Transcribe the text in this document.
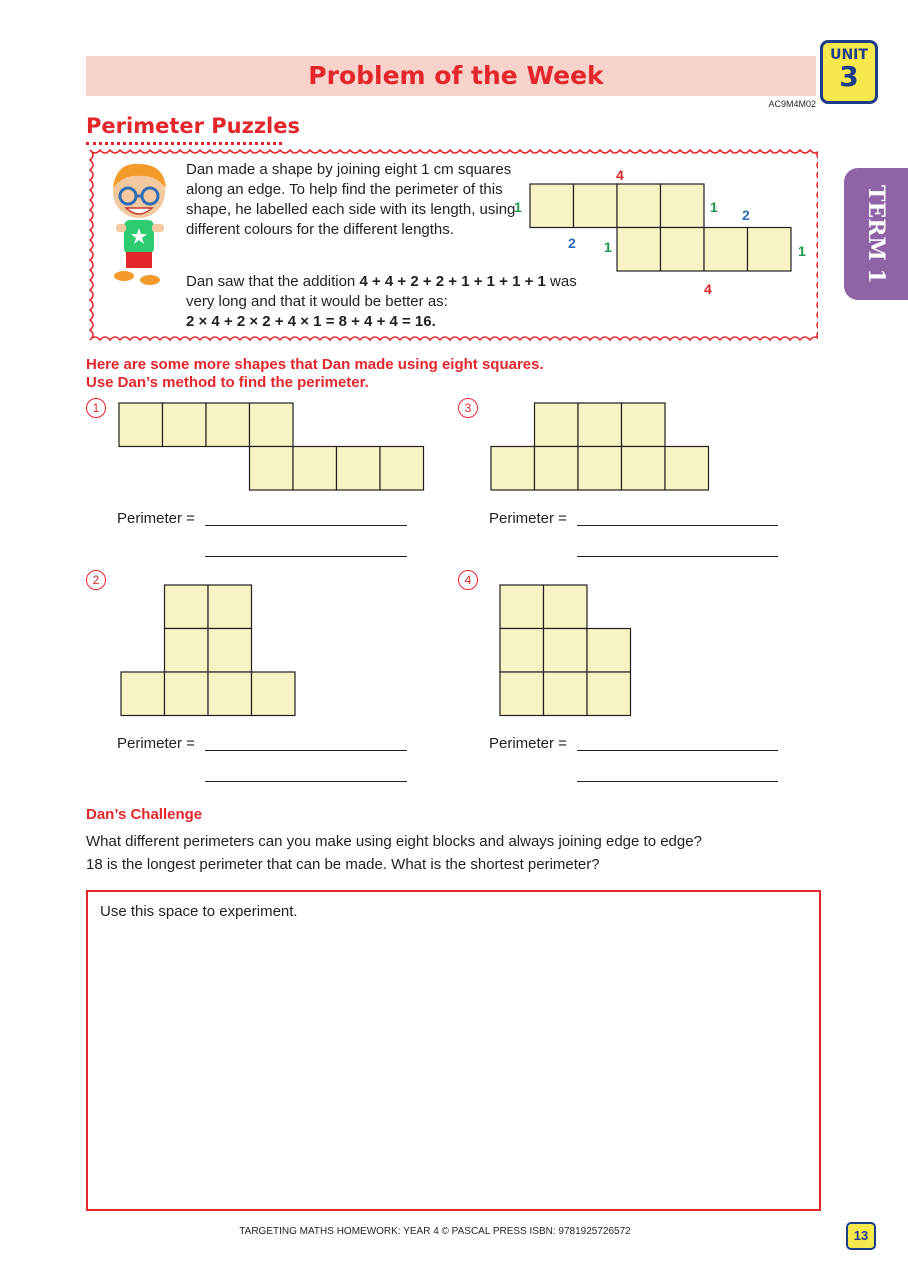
Problem of the Week
UNIT
3
AC9M4M02
TERM 1
Perimeter Puzzles
Dan made a shape by joining eight 1 cm squares along an edge. To help find the perimeter of this shape, he labelled each side with its length, using different colours for the different lengths.
Dan saw that the addition 4 + 4 + 2 + 2 + 1 + 1 + 1 + 1 was very long and that it would be better as:
2 × 4 + 2 × 2 + 4 × 1 = 8 + 4 + 4 = 16.
4
4
1	1 2
2 1	1
Here are some more shapes that Dan made using eight squares.
Use Dan’s method to find the perimeter.
1
Perimeter =
3
Perimeter =
2
Perimeter =
4
Perimeter =
Dan’s Challenge
What different perimeters can you make using eight blocks and always joining edge to edge?
18 is the longest perimeter that can be made. What is the shortest perimeter?
Use this space to experiment.
TARGETING MATHS HOMEWORK: YEAR 4 © PASCAL PRESS ISBN: 9781925726572	13
